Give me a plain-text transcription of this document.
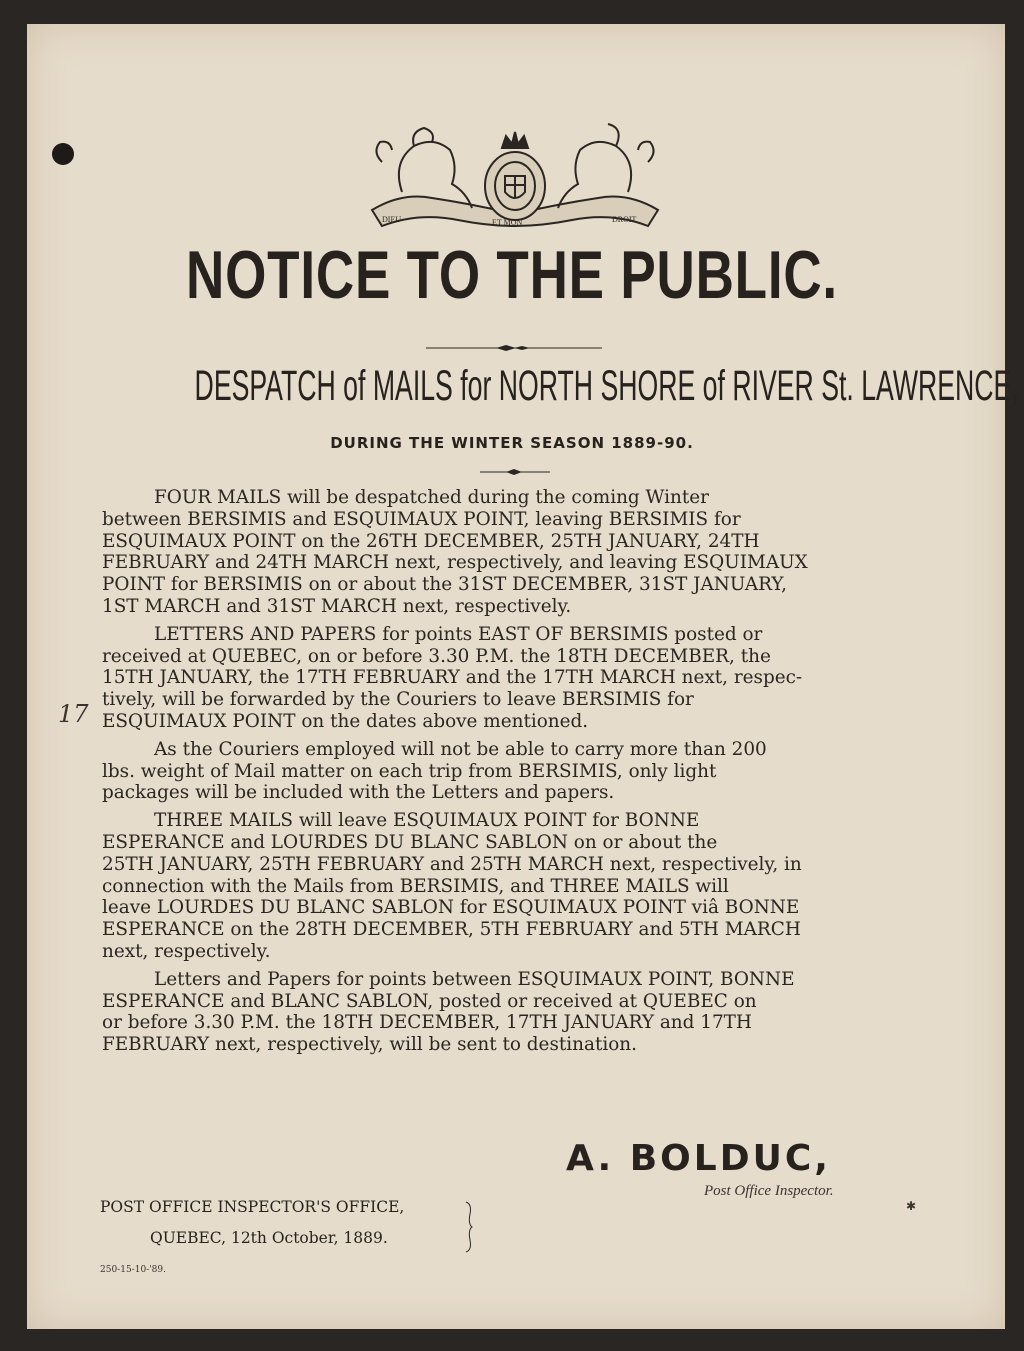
DIEU	ET MON	DROIT
NOTICE TO THE PUBLIC.
DESPATCH of MAILS for NORTH SHORE of RIVER St. LAWRENCE,
DURING THE WINTER SEASON 1889-90.

FOUR MAILS will be despatched during the coming Winter
between BERSIMIS and ESQUIMAUX POINT, leaving BERSIMIS for
ESQUIMAUX POINT on the 26TH DECEMBER, 25TH JANUARY, 24TH
FEBRUARY and 24TH MARCH next, respectively, and leaving ESQUIMAUX
POINT for BERSIMIS on or about the 31ST DECEMBER, 31ST JANUARY,
1ST MARCH and 31ST MARCH next, respectively.

LETTERS AND PAPERS for points EAST OF BERSIMIS posted or
received at QUEBEC, on or before 3.30 P.M. the 18TH DECEMBER, the
15TH JANUARY, the 17TH FEBRUARY and the 17TH MARCH next, respec-
tively, will be forwarded by the Couriers to leave BERSIMIS for
ESQUIMAUX POINT on the dates above mentioned.

As the Couriers employed will not be able to carry more than 200
lbs. weight of Mail matter on each trip from BERSIMIS, only light
packages will be included with the Letters and papers.

THREE MAILS will leave ESQUIMAUX POINT for BONNE
ESPERANCE and LOURDES DU BLANC SABLON on or about the
25TH JANUARY, 25TH FEBRUARY and 25TH MARCH next, respectively, in
connection with the Mails from BERSIMIS, and THREE MAILS will
leave LOURDES DU BLANC SABLON for ESQUIMAUX POINT viâ BONNE
ESPERANCE on the 28TH DECEMBER, 5TH FEBRUARY and 5TH MARCH
next, respectively.

Letters and Papers for points between ESQUIMAUX POINT, BONNE
ESPERANCE and BLANC SABLON, posted or received at QUEBEC on
or before 3.30 P.M. the 18TH DECEMBER, 17TH JANUARY and 17TH
FEBRUARY next, respectively, will be sent to destination.

17
A. BOLDUC,
Post Office Inspector.
✱
POST OFFICE INSPECTOR'S OFFICE,
QUEBEC, 12th October, 1889.
250-15-10-'89.
